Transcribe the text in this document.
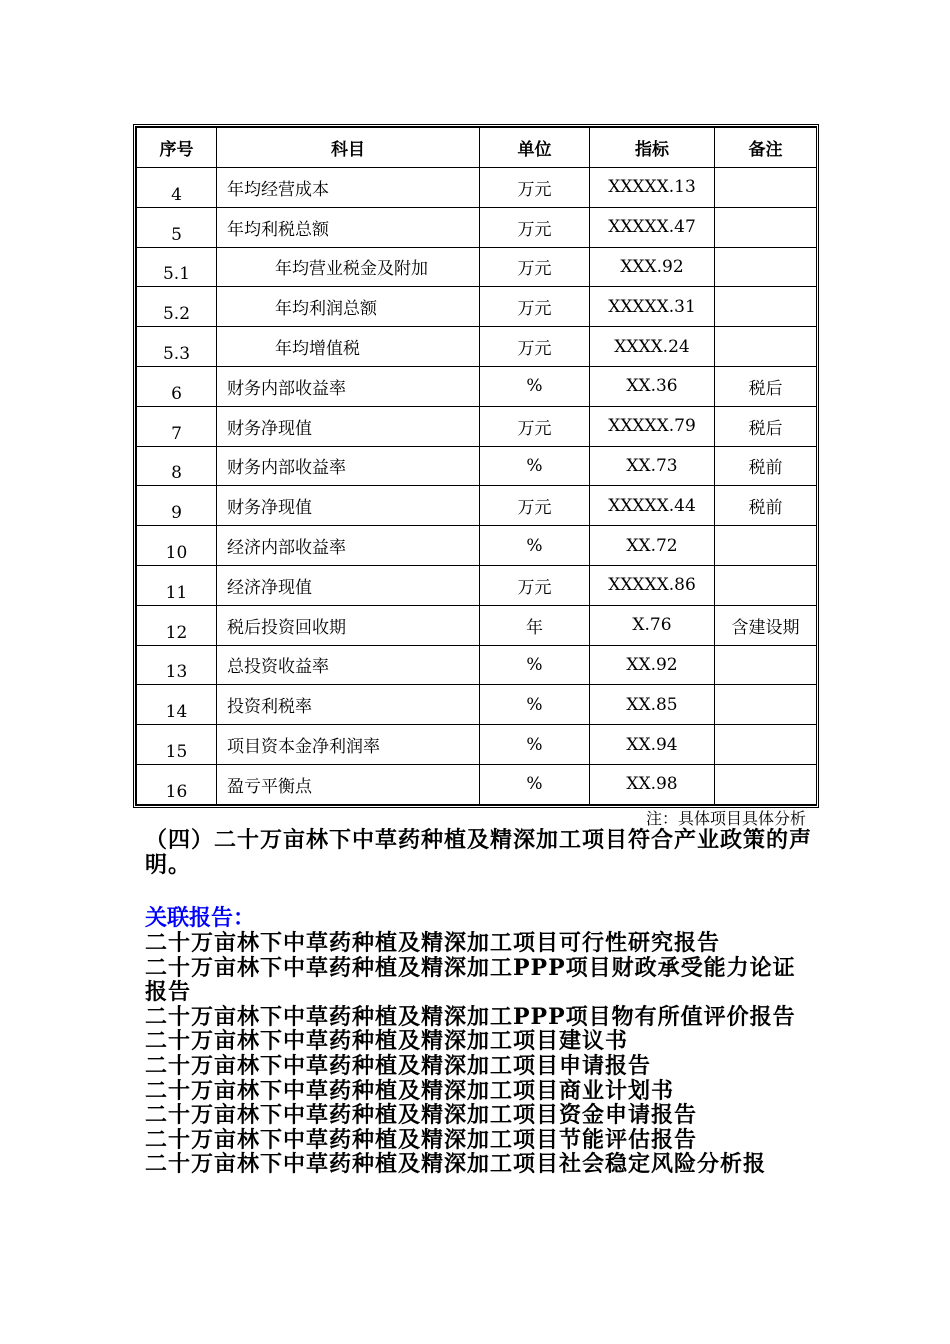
序号	科目	单位	指标	备注
4	年均经营成本	万元	XXXXX.13	
5	年均利税总额	万元	XXXXX.47	
5.1	年均营业税金及附加	万元	XXX.92	
5.2	年均利润总额	万元	XXXXX.31	
5.3	年均增值税	万元	XXXX.24	
6	财务内部收益率	%	XX.36	税后
7	财务净现值	万元	XXXXX.79	税后
8	财务内部收益率	%	XX.73	税前
9	财务净现值	万元	XXXXX.44	税前
10	经济内部收益率	%	XX.72	
11	经济净现值	万元	XXXXX.86	
12	税后投资回收期	年	X.76	含建设期
13	总投资收益率	%	XX.92	
14	投资利税率	%	XX.85	
15	项目资本金净利润率	%	XX.94	
16	盈亏平衡点	%	XX.98	
注：具体项目具体分析
（四）二十万亩林下中草药种植及精深加工项目符合产业政策的声明。
关联报告：
二十万亩林下中草药种植及精深加工项目可行性研究报告
二十万亩林下中草药种植及精深加工PPP项目财政承受能力论证报告
二十万亩林下中草药种植及精深加工PPP项目物有所值评价报告
二十万亩林下中草药种植及精深加工项目建议书
二十万亩林下中草药种植及精深加工项目申请报告
二十万亩林下中草药种植及精深加工项目商业计划书
二十万亩林下中草药种植及精深加工项目资金申请报告
二十万亩林下中草药种植及精深加工项目节能评估报告
二十万亩林下中草药种植及精深加工项目社会稳定风险分析报
